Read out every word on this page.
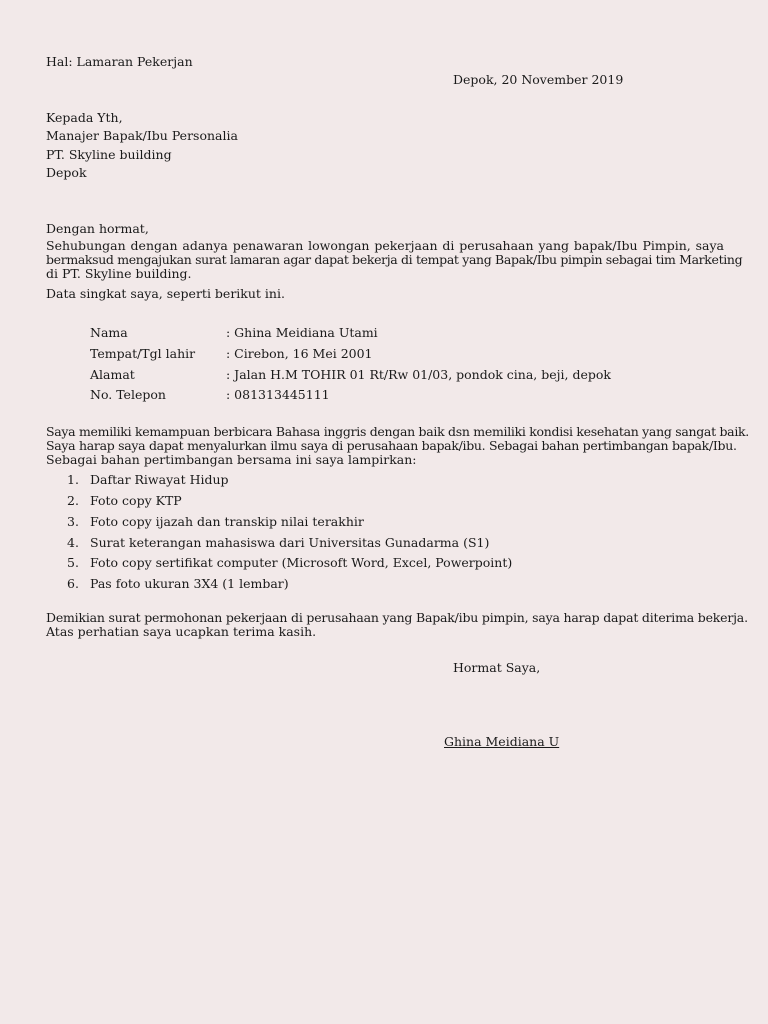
Hal: Lamaran Pekerjan
Depok, 20 November 2019
Kepada Yth,
Manajer Bapak/Ibu Personalia
PT. Skyline building
Depok
Dengan hormat,
Sehubungan dengan adanya penawaran lowongan pekerjaan di perusahaan yang bapak/Ibu Pimpin, saya
bermaksud mengajukan surat lamaran agar dapat bekerja di tempat yang Bapak/Ibu pimpin sebagai tim Marketing
di PT. Skyline building.
Data singkat saya, seperti berikut ini.
Nama	: Ghina Meidiana Utami
Tempat/Tgl lahir : Cirebon, 16 Mei 2001
Alamat	: Jalan H.M TOHIR 01 Rt/Rw 01/03, pondok cina, beji, depok
No. Telepon	: 081313445111
Saya memiliki kemampuan berbicara Bahasa inggris dengan baik dsn memiliki kondisi kesehatan yang sangat baik.
Saya harap saya dapat menyalurkan ilmu saya di perusahaan bapak/ibu. Sebagai bahan pertimbangan bapak/Ibu.
Sebagai bahan pertimbangan bersama ini saya lampirkan:
1. Daftar Riwayat Hidup
2. Foto copy KTP
3. Foto copy ijazah dan transkip nilai terakhir
4. Surat keterangan mahasiswa dari Universitas Gunadarma (S1)
5. Foto copy sertifikat computer (Microsoft Word, Excel, Powerpoint)
6. Pas foto ukuran 3X4 (1 lembar)
Demikian surat permohonan pekerjaan di perusahaan yang Bapak/ibu pimpin, saya harap dapat diterima bekerja.
Atas perhatian saya ucapkan terima kasih.
Hormat Saya,
Ghina Meidiana U
